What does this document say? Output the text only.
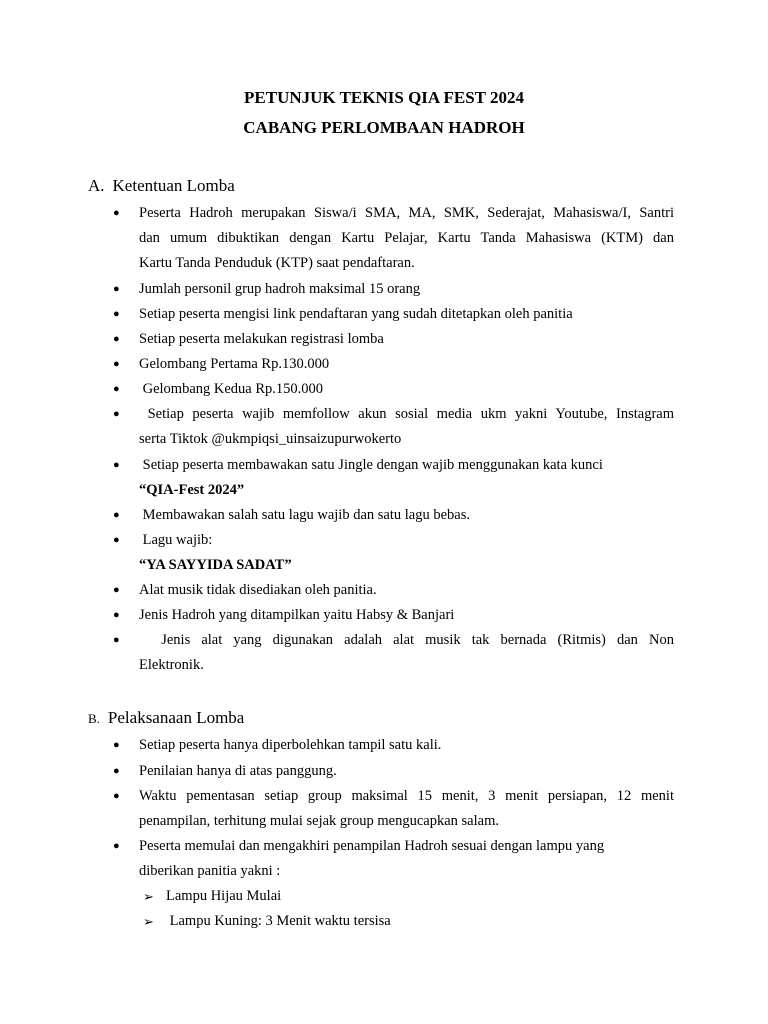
PETUNJUK TEKNIS QIA FEST 2024
CABANG PERLOMBAAN HADROH
A. Ketentuan Lomba
● Peserta Hadroh merupakan Siswa/i SMA, MA, SMK, Sederajat, Mahasiswa/I, Santri
dan umum dibuktikan dengan Kartu Pelajar, Kartu Tanda Mahasiswa (KTM) dan
Kartu Tanda Penduduk (KTP) saat pendaftaran.
● Jumlah personil grup hadroh maksimal 15 orang
● Setiap peserta mengisi link pendaftaran yang sudah ditetapkan oleh panitia
● Setiap peserta melakukan registrasi lomba
● Gelombang Pertama Rp.130.000
● Gelombang Kedua Rp.150.000
● Setiap peserta wajib memfollow akun sosial media ukm yakni Youtube, Instagram
serta Tiktok @ukmpiqsi_uinsaizupurwokerto
● Setiap peserta membawakan satu Jingle dengan wajib menggunakan kata kunci
“QIA-Fest 2024”
● Membawakan salah satu lagu wajib dan satu lagu bebas.
● Lagu wajib:
“YA SAYYIDA SADAT”
● Alat musik tidak disediakan oleh panitia.
● Jenis Hadroh yang ditampilkan yaitu Habsy & Banjari
● Jenis alat yang digunakan adalah alat musik tak bernada (Ritmis) dan Non
Elektronik.
B. Pelaksanaan Lomba
● Setiap peserta hanya diperbolehkan tampil satu kali.
● Penilaian hanya di atas panggung.
● Waktu pementasan setiap group maksimal 15 menit, 3 menit persiapan, 12 menit
penampilan, terhitung mulai sejak group mengucapkan salam.
● Peserta memulai dan mengakhiri penampilan Hadroh sesuai dengan lampu yang
diberikan panitia yakni :
➢ Lampu Hijau Mulai
➢ Lampu Kuning: 3 Menit waktu tersisa
